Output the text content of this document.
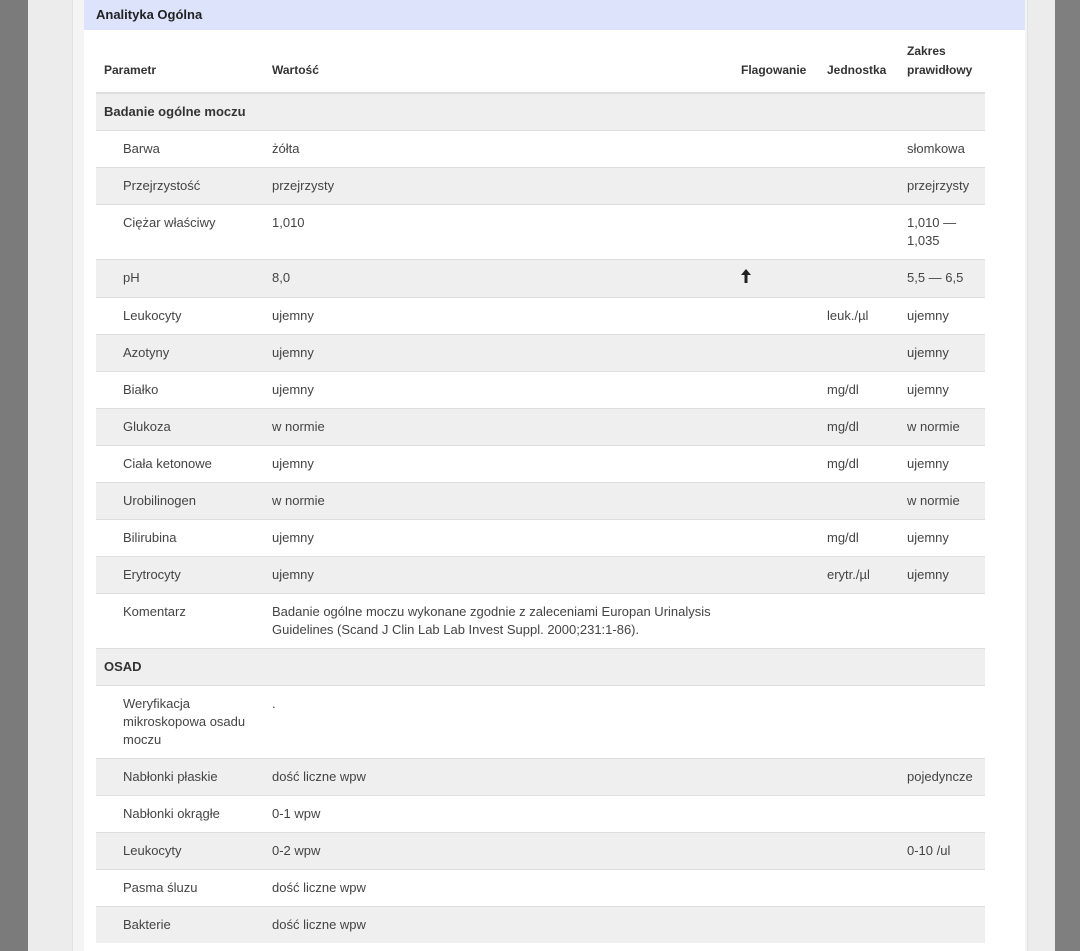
Analityka Ogólna
Parametr	Wartość	Flagowanie	Jednostka	Zakres
prawidłowy
Badanie ogólne moczu				
Barwa	żółta			słomkowa
Przejrzystość	przejrzysty			przejrzysty
Ciężar właściwy	1,010			1,010 —
1,035
pH	8,0			5,5 — 6,5
Leukocyty	ujemny		leuk./µl	ujemny
Azotyny	ujemny			ujemny
Białko	ujemny		mg/dl	ujemny
Glukoza	w normie		mg/dl	w normie
Ciała ketonowe	ujemny		mg/dl	ujemny
Urobilinogen	w normie			w normie
Bilirubina	ujemny		mg/dl	ujemny
Erytrocyty	ujemny		erytr./µl	ujemny
Komentarz	Badanie ogólne moczu wykonane zgodnie z zaleceniami Europan Urinalysis Guidelines (Scand J Clin Lab Lab Invest Suppl. 2000;231:1-86).			
OSAD				
Weryfikacja mikroskopowa osadu moczu	.			
Nabłonki płaskie	dość liczne wpw			pojedyncze
Nabłonki okrągłe	0-1 wpw			
Leukocyty	0-2 wpw			0-10 /ul
Pasma śluzu	dość liczne wpw			
Bakterie	dość liczne wpw			
